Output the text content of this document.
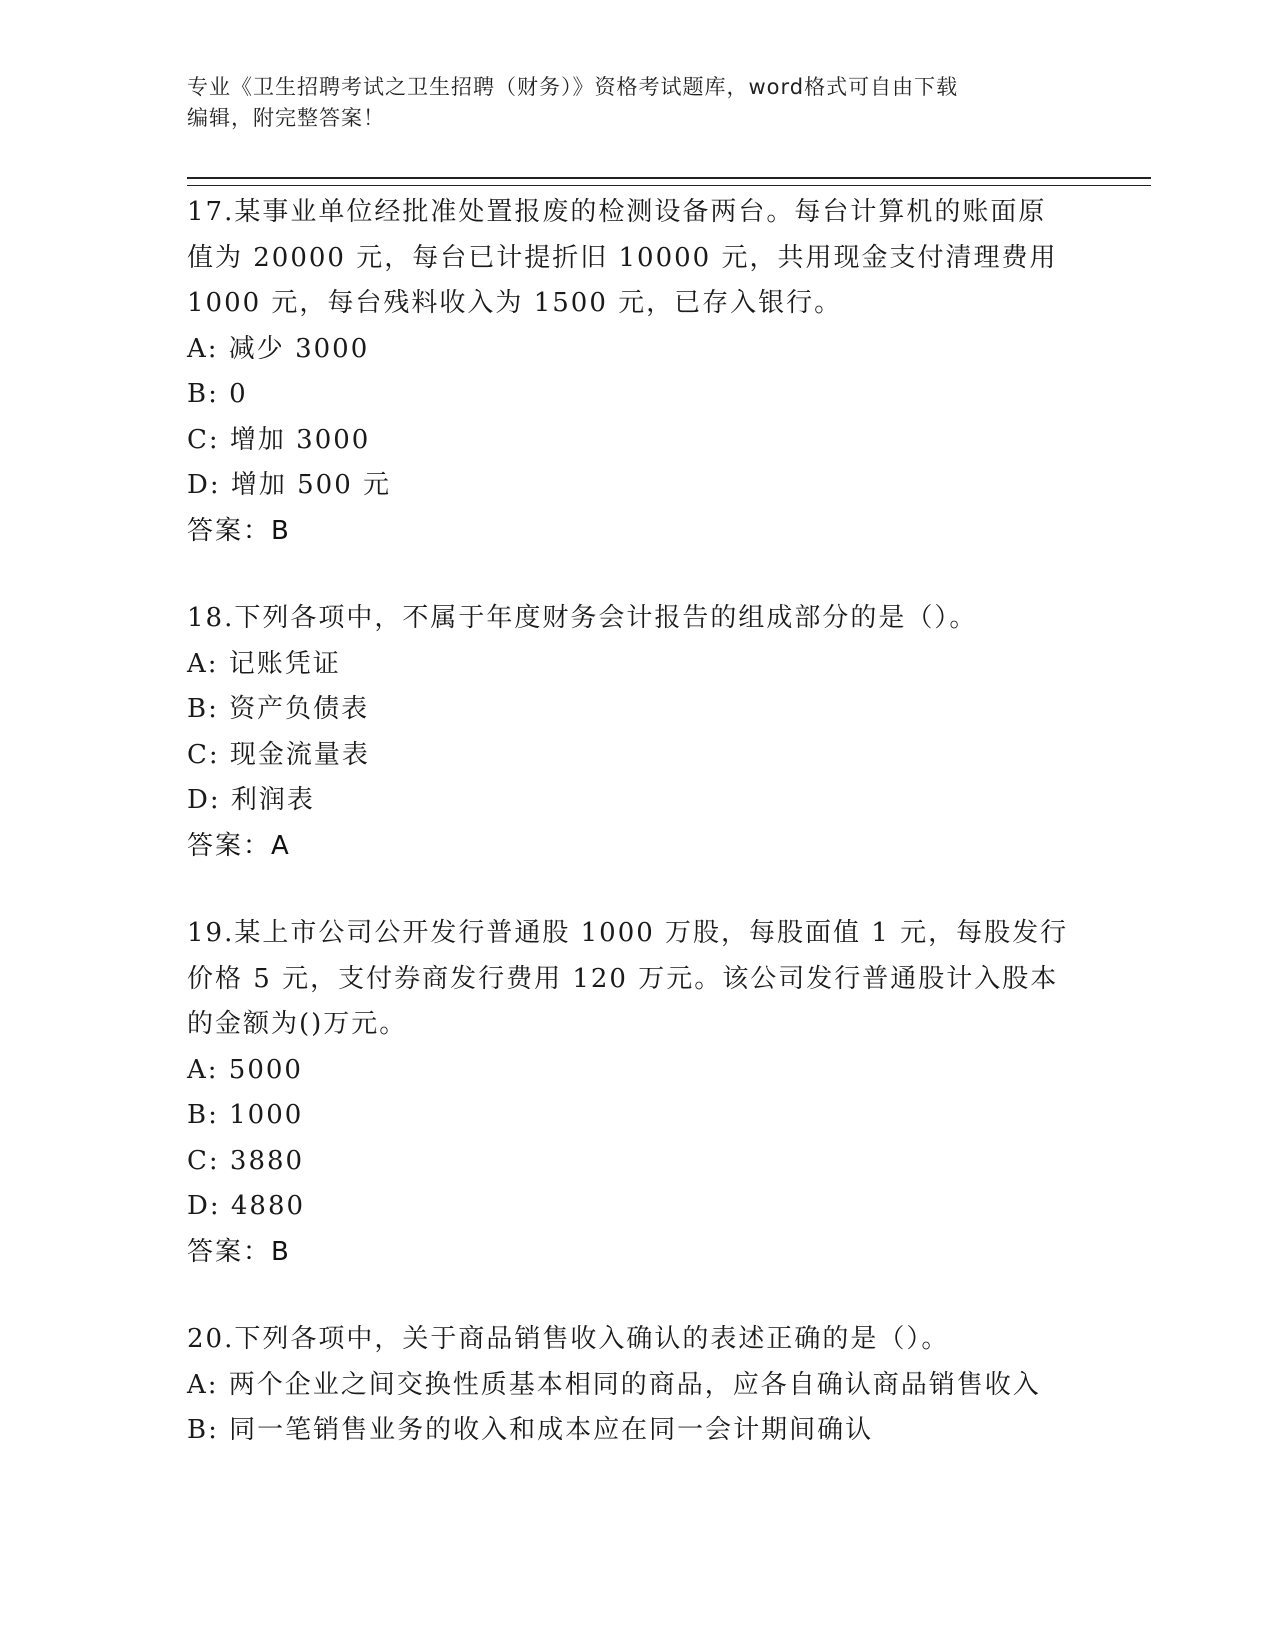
专业《卫生招聘考试之卫生招聘（财务）》资格考试题库，word格式可自由下载
编辑，附完整答案！
17.某事业单位经批准处置报废的检测设备两台。每台计算机的账面原
值为 20000 元，每台已计提折旧 10000 元，共用现金支付清理费用
1000 元，每台残料收入为 1500 元，已存入银行。
A: 减少 3000
B: 0
C: 增加 3000
D: 增加 500 元
答案：B
18.下列各项中，不属于年度财务会计报告的组成部分的是（）。
A: 记账凭证
B: 资产负债表
C: 现金流量表
D: 利润表
答案：A
19.某上市公司公开发行普通股 1000 万股，每股面值 1 元，每股发行
价格 5 元，支付券商发行费用 120 万元。该公司发行普通股计入股本
的金额为()万元。
A: 5000
B: 1000
C: 3880
D: 4880
答案：B
20.下列各项中，关于商品销售收入确认的表述正确的是（）。
A: 两个企业之间交换性质基本相同的商品，应各自确认商品销售收入
B: 同一笔销售业务的收入和成本应在同一会计期间确认
